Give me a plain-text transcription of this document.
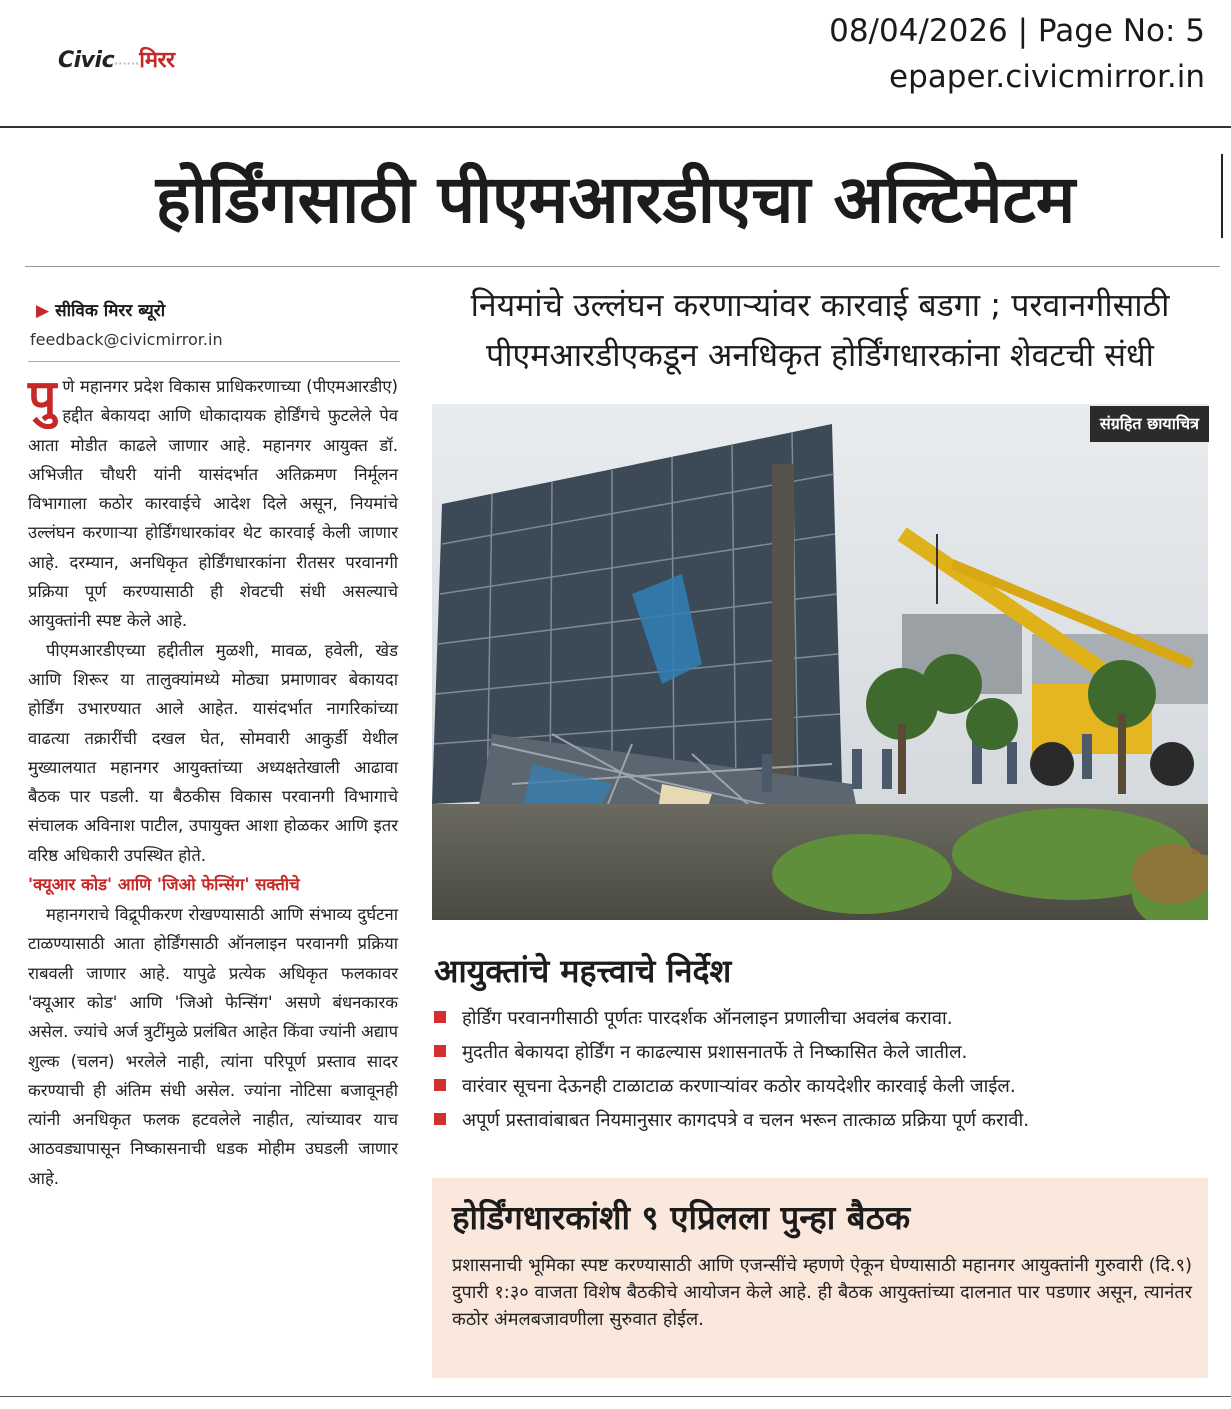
Civic······मिरर
08/04/2026 | Page No: 5
epaper.civicmirror.in
होर्डिंगसाठी पीएमआरडीएचा अल्टिमेटम
▶ सीविक मिरर ब्यूरो
feedback@civicmirror.in

पुणे महानगर प्रदेश विकास प्राधिकरणाच्या (पीएमआरडीए) हद्दीत बेकायदा आणि धोकादायक होर्डिंगचे फुटलेले पेव आता मोडीत काढले जाणार आहे. महानगर आयुक्त डॉ. अभिजीत चौधरी यांनी यासंदर्भात अतिक्रमण निर्मूलन विभागाला कठोर कारवाईचे आदेश दिले असून, नियमांचे उल्लंघन करणाऱ्या होर्डिंगधारकांवर थेट कारवाई केली जाणार आहे. दरम्यान, अनधिकृत होर्डिंगधारकांना रीतसर परवानगी प्रक्रिया पूर्ण करण्यासाठी ही शेवटची संधी असल्याचे आयुक्तांनी स्पष्ट केले आहे.

पीएमआरडीएच्या हद्दीतील मुळशी, मावळ, हवेली, खेड आणि शिरूर या तालुक्यांमध्ये मोठ्या प्रमाणावर बेकायदा होर्डिंग उभारण्यात आले आहेत. यासंदर्भात नागरिकांच्या वाढत्या तक्रारींची दखल घेत, सोमवारी आकुर्डी येथील मुख्यालयात महानगर आयुक्तांच्या अध्यक्षतेखाली आढावा बैठक पार पडली. या बैठकीस विकास परवानगी विभागाचे संचालक अविनाश पाटील, उपायुक्त आशा होळकर आणि इतर वरिष्ठ अधिकारी उपस्थित होते.

'क्यूआर कोड' आणि 'जिओ फेन्सिंग' सक्तीचे

महानगराचे विद्रूपीकरण रोखण्यासाठी आणि संभाव्य दुर्घटना टाळण्यासाठी आता होर्डिंगसाठी ऑनलाइन परवानगी प्रक्रिया राबवली जाणार आहे. यापुढे प्रत्येक अधिकृत फलकावर 'क्यूआर कोड' आणि 'जिओ फेन्सिंग' असणे बंधनकारक असेल. ज्यांचे अर्ज त्रुटींमुळे प्रलंबित आहेत किंवा ज्यांनी अद्याप शुल्क (चलन) भरलेले नाही, त्यांना परिपूर्ण प्रस्ताव सादर करण्याची ही अंतिम संधी असेल. ज्यांना नोटिसा बजावूनही त्यांनी अनधिकृत फलक हटवलेले नाहीत, त्यांच्यावर याच आठवड्यापासून निष्कासनाची धडक मोहीम उघडली जाणार आहे.

नियमांचे उल्लंघन करणाऱ्यांवर कारवाई बडगा ; परवानगीसाठी
पीएमआरडीएकडून अनधिकृत होर्डिंगधारकांना शेवटची संधी
संग्रहित छायाचित्र
आयुक्तांचे महत्त्वाचे निर्देश
होर्डिंग परवानगीसाठी पूर्णतः पारदर्शक ऑनलाइन प्रणालीचा अवलंब करावा.
मुदतीत बेकायदा होर्डिंग न काढल्यास प्रशासनातर्फे ते निष्कासित केले जातील.
वारंवार सूचना देऊनही टाळाटाळ करणाऱ्यांवर कठोर कायदेशीर कारवाई केली जाईल.
अपूर्ण प्रस्तावांबाबत नियमानुसार कागदपत्रे व चलन भरून तात्काळ प्रक्रिया पूर्ण करावी.
होर्डिंगधारकांशी ९ एप्रिलला पुन्हा बैठक
प्रशासनाची भूमिका स्पष्ट करण्यासाठी आणि एजन्सींचे म्हणणे ऐकून घेण्यासाठी महानगर आयुक्तांनी गुरुवारी (दि.९) दुपारी १:३० वाजता विशेष बैठकीचे आयोजन केले आहे. ही बैठक आयुक्तांच्या दालनात पार पडणार असून, त्यानंतर कठोर अंमलबजावणीला सुरुवात होईल.
